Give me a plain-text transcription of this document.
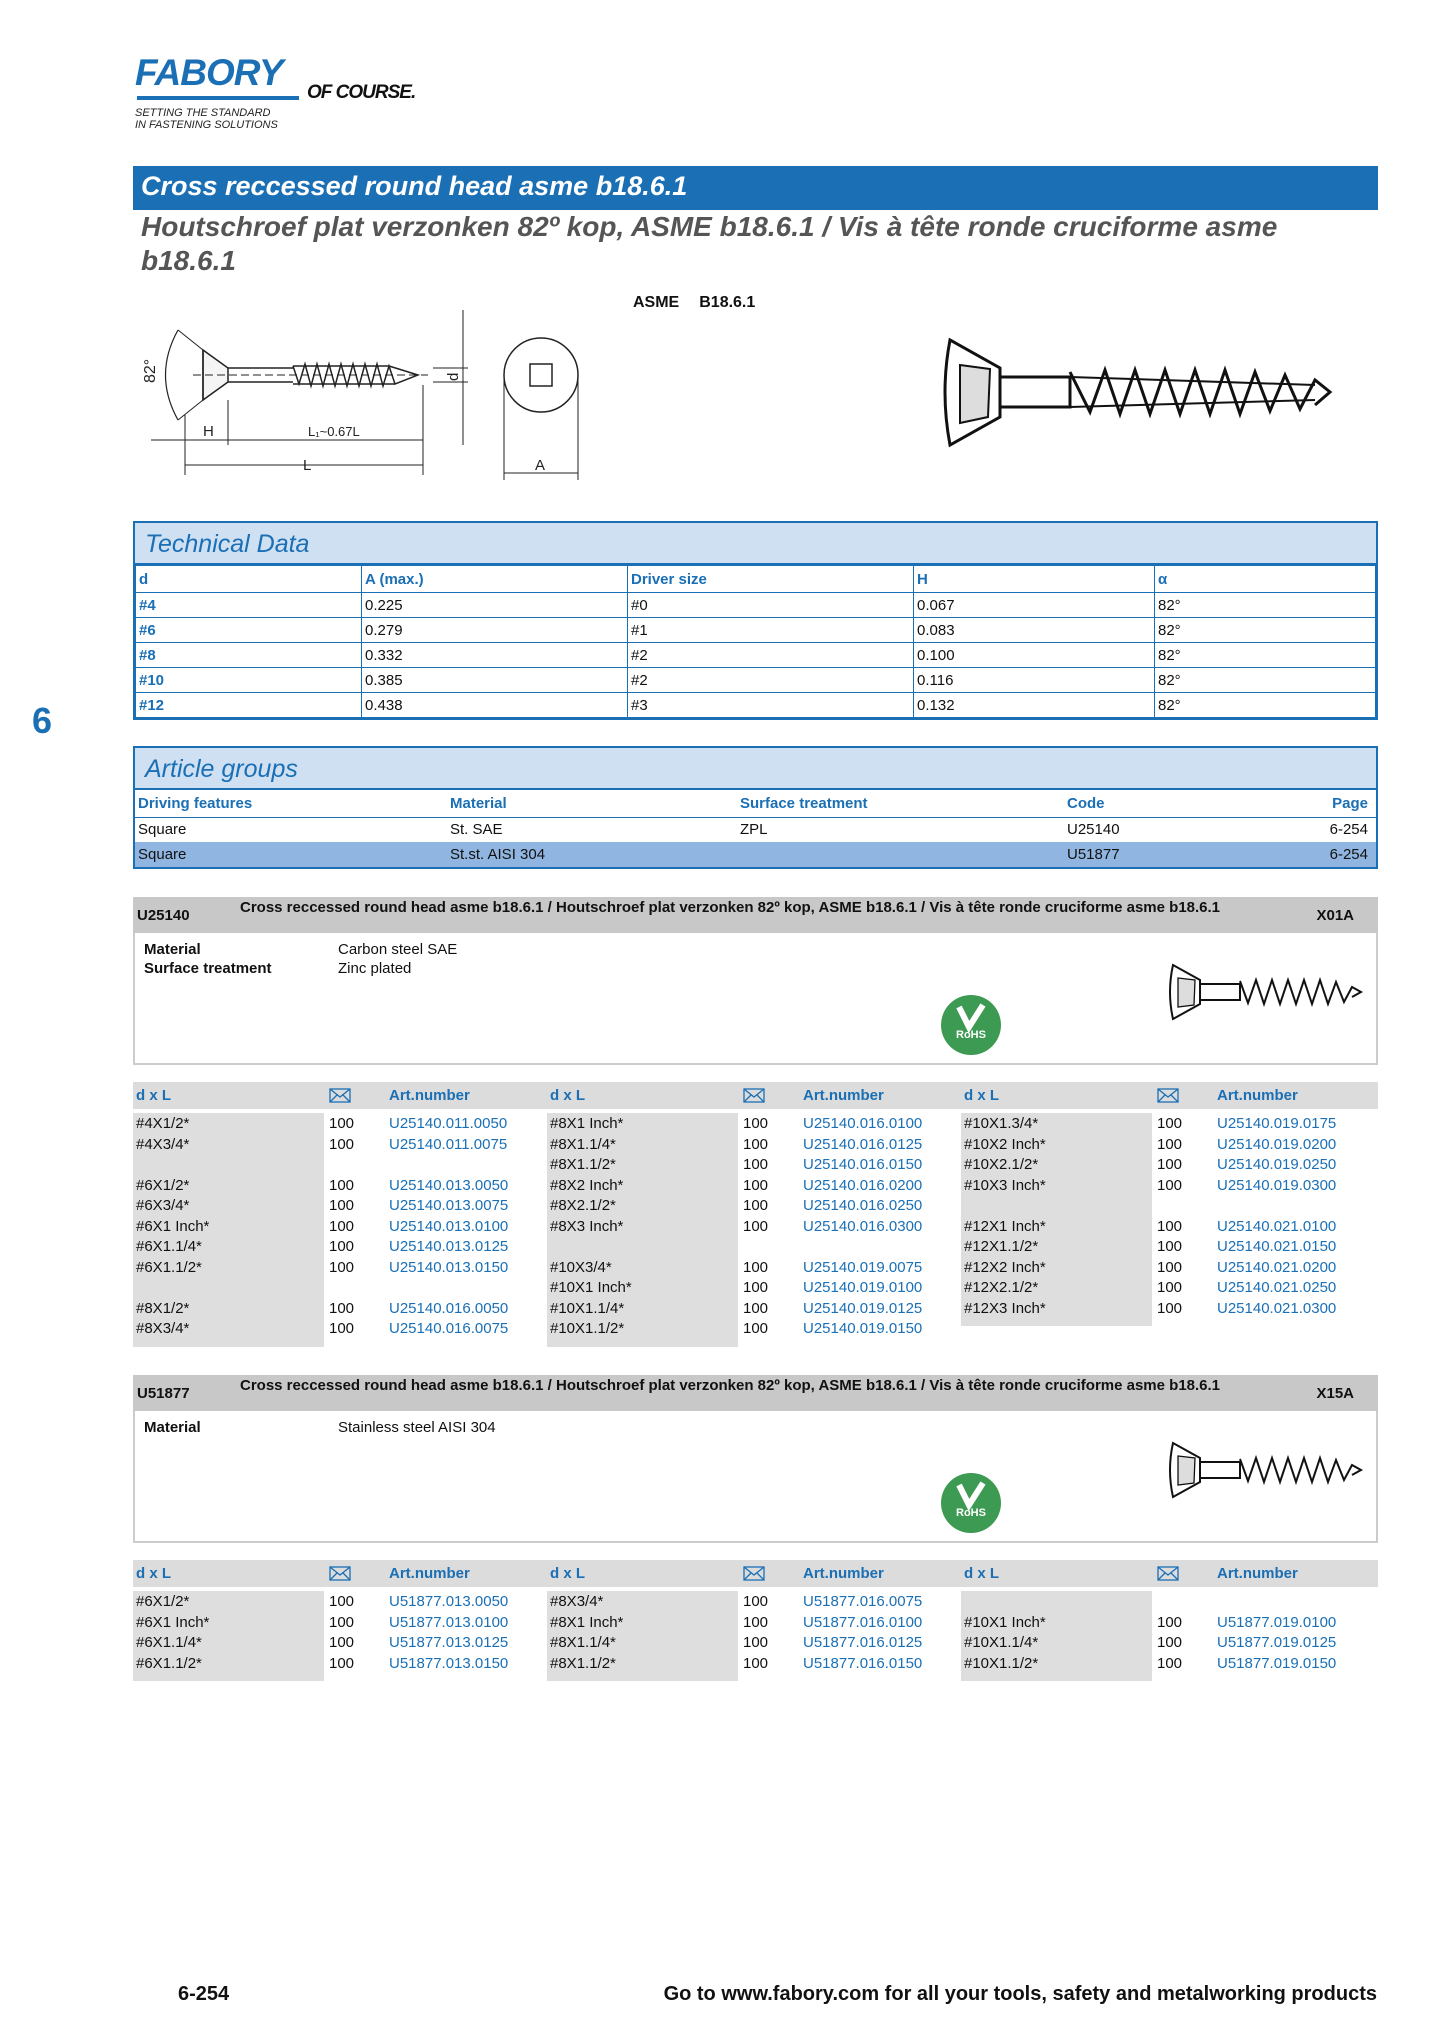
FABORY OF COURSE.
SETTING THE STANDARD
IN FASTENING SOLUTIONS
Cross reccessed round head asme b18.6.1
Houtschroef plat verzonken 82º kop, ASME b18.6.1 / Vis à tête ronde cruciforme asme b18.6.1
ASME B18.6.1
82°
H	L₁~0.67L
L
d
A
6
Technical Data
d	A (max.)	Driver size	H	α
#4	0.225	#0	0.067	82°
#6	0.279	#1	0.083	82°
#8	0.332	#2	0.100	82°
#10	0.385	#2	0.116	82°
#12	0.438	#3	0.132	82°
Article groups
Driving features	Material	Surface treatment	Code	Page
Square	St. SAE	ZPL	U25140	6-254
Square	St.st. AISI 304		U51877	6-254
U25140	Cross reccessed round head asme b18.6.1 / Houtschroef plat verzonken 82º kop, ASME b18.6.1 / Vis à tête ronde cruciforme asme b18.6.1	X01A
Material	Carbon steel SAE
Surface treatment	Zinc plated
RoHS
d x L	Art.number	d x L	Art.number	d x L	Art.number
#4X1/2*	100 U25140.011.0050
#4X3/4*	100 U25140.011.0075
#6X1/2*	100 U25140.013.0050
#6X3/4*	100 U25140.013.0075
#6X1 Inch*	100 U25140.013.0100
#6X1.1/4*	100 U25140.013.0125
#6X1.1/2*	100 U25140.013.0150
#8X1/2*	100 U25140.016.0050
#8X3/4*	100 U25140.016.0075
#8X1 Inch*	100 U25140.016.0100
#8X1.1/4*	100 U25140.016.0125
#8X1.1/2*	100 U25140.016.0150
#8X2 Inch*	100 U25140.016.0200
#8X2.1/2*	100 U25140.016.0250
#8X3 Inch*	100 U25140.016.0300
#10X3/4*	100 U25140.019.0075
#10X1 Inch*	100 U25140.019.0100
#10X1.1/4*	100 U25140.019.0125
#10X1.1/2*	100 U25140.019.0150
#10X1.3/4*	100 U25140.019.0175
#10X2 Inch*	100 U25140.019.0200
#10X2.1/2*	100 U25140.019.0250
#10X3 Inch*	100 U25140.019.0300
#12X1 Inch*	100 U25140.021.0100
#12X1.1/2*	100 U25140.021.0150
#12X2 Inch*	100 U25140.021.0200
#12X2.1/2*	100 U25140.021.0250
#12X3 Inch*	100 U25140.021.0300
U51877	Cross reccessed round head asme b18.6.1 / Houtschroef plat verzonken 82º kop, ASME b18.6.1 / Vis à tête ronde cruciforme asme b18.6.1	X15A
Material	Stainless steel AISI 304
RoHS
d x L	Art.number	d x L	Art.number	d x L	Art.number
#6X1/2*	100 U51877.013.0050
#6X1 Inch*	100 U51877.013.0100
#6X1.1/4*	100 U51877.013.0125
#6X1.1/2*	100 U51877.013.0150
#8X3/4*	100 U51877.016.0075
#8X1 Inch*	100 U51877.016.0100
#8X1.1/4*	100 U51877.016.0125
#8X1.1/2*	100 U51877.016.0150
#10X1 Inch*	100 U51877.019.0100
#10X1.1/4*	100 U51877.019.0125
#10X1.1/2*	100 U51877.019.0150
6-254	Go to www.fabory.com for all your tools, safety and metalworking products
